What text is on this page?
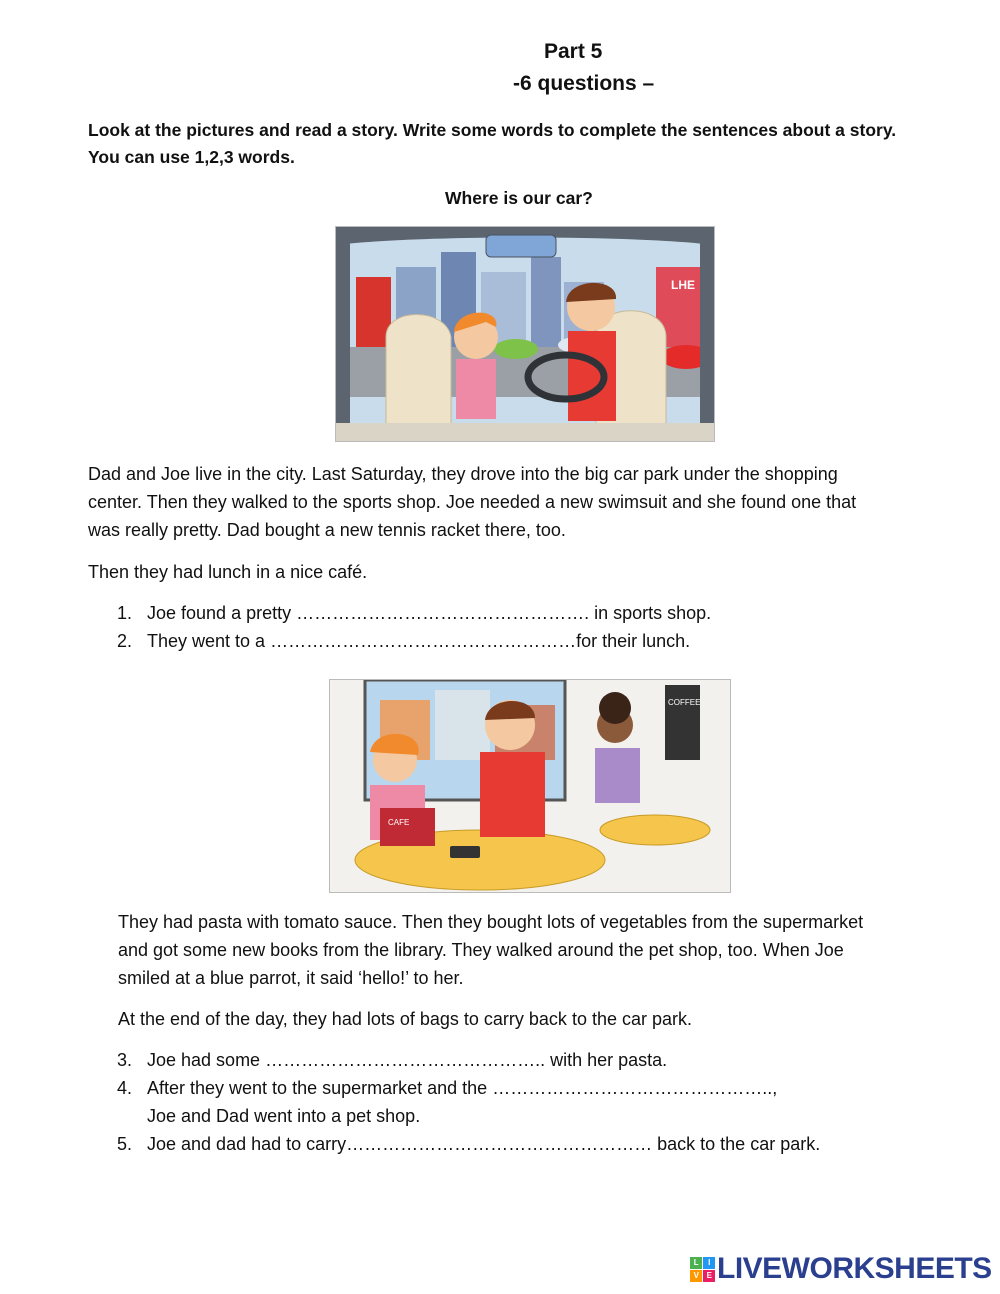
Part 5
-6 questions –
Look at the pictures and read a story. Write some words to complete the sentences about a story.
You can use 1,2,3 words.
Where is our car?
LHE
Dad and Joe live in the city. Last Saturday, they drove into the big car park under the shopping
center. Then they walked to the sports shop. Joe needed a new swimsuit and she found one that
was really pretty. Dad bought a new tennis racket there, too.
Then they had lunch in a nice café.
1. Joe found a pretty …………………………………………. in sports shop.
2. They went to a ……………………………………………for their lunch.
COFFEE
CAFE
They had pasta with tomato sauce. Then they bought lots of vegetables from the supermarket
and got some new books from the library. They walked around the pet shop, too. When Joe
smiled at a blue parrot, it said ‘hello!’ to her.
At the end of the day, they had lots of bags to carry back to the car park.
3. Joe had some ……………………………………….. with her pasta.
4. After they went to the supermarket and the ………………………………………..,
Joe and Dad went into a pet shop.
5. Joe and dad had to carry…………………………………………… back to the car park.
L	I
V	E LIVEWORKSHEETS
